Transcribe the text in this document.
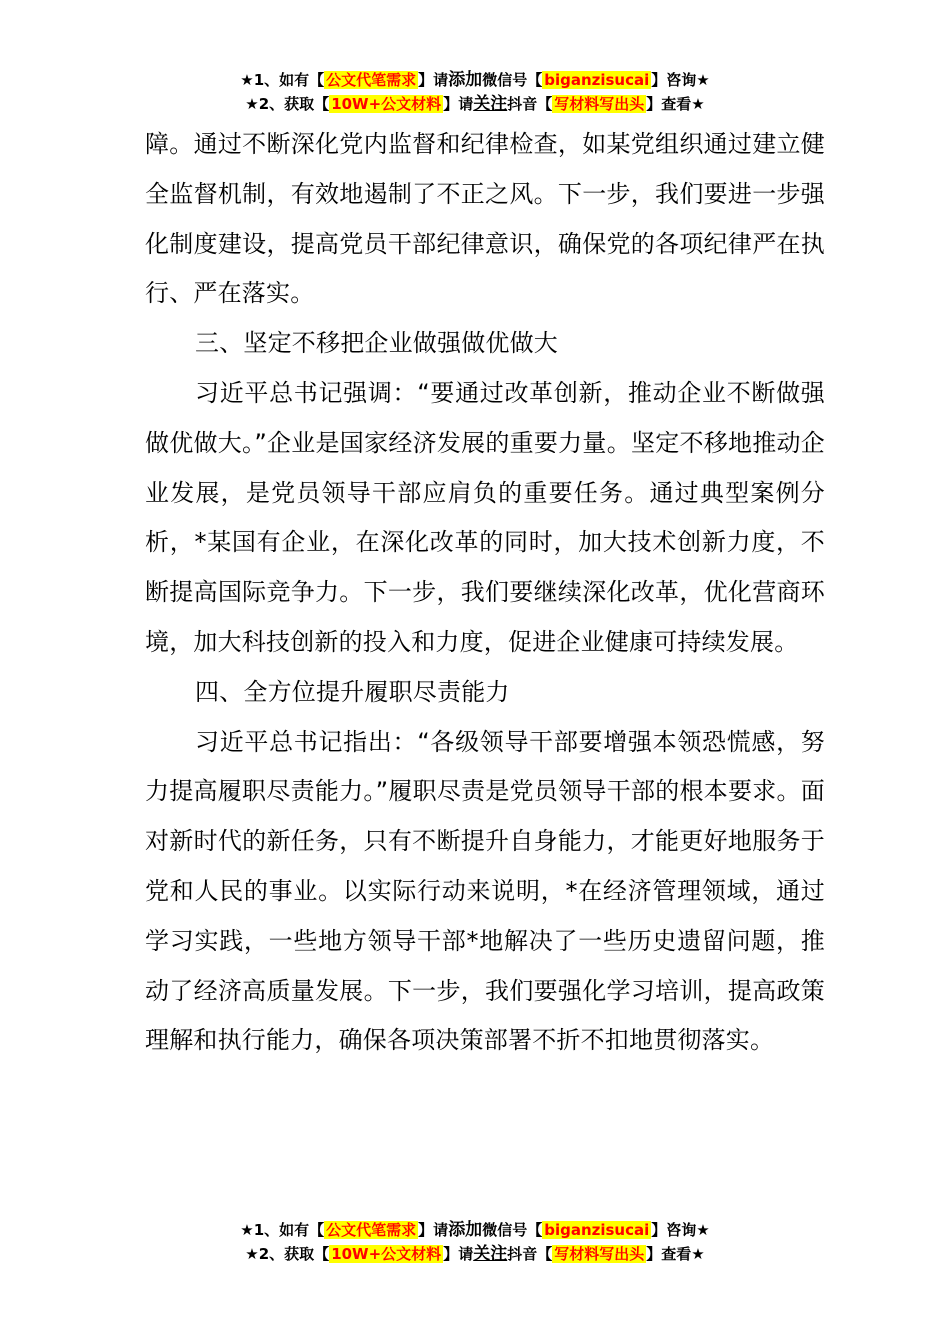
★1、如有【 公文代笔需求 】请添加微信号【 biganzisucai 】咨询★
★2、获取【 10W+公文材料 】请关注抖音【 写材料写出头 】查看★

障。通过不断深化党内监督和纪律检查，如某党组织通过建立健全监督机制，有效地遏制了不正之风。下一步，我们要进一步强化制度建设，提高党员干部纪律意识，确保党的各项纪律严在执行、严在落实。

三、坚定不移把企业做强做优做大

习近平总书记强调：“要通过改革创新，推动企业不断做强做优做大。”企业是国家经济发展的重要力量。坚定不移地推动企业发展，是党员领导干部应肩负的重要任务。通过典型案例分析，*某国有企业，在深化改革的同时，加大技术创新力度，不断提高国际竞争力。下一步，我们要继续深化改革，优化营商环境，加大科技创新的投入和力度，促进企业健康可持续发展。

四、全方位提升履职尽责能力

习近平总书记指出：“各级领导干部要增强本领恐慌感，努力提高履职尽责能力。”履职尽责是党员领导干部的根本要求。面对新时代的新任务，只有不断提升自身能力，才能更好地服务于党和人民的事业。以实际行动来说明，*在经济管理领域，通过学习实践，一些地方领导干部*地解决了一些历史遗留问题，推动了经济高质量发展。下一步，我们要强化学习培训，提高政策理解和执行能力，确保各项决策部署不折不扣地贯彻落实。

★1、如有【 公文代笔需求 】请添加微信号【 biganzisucai 】咨询★
★2、获取【 10W+公文材料 】请关注抖音【 写材料写出头 】查看★
